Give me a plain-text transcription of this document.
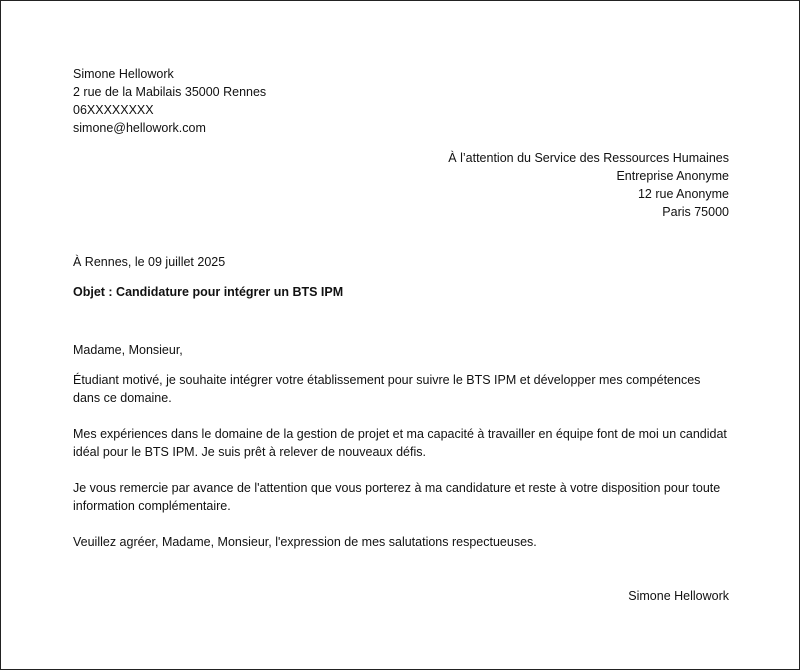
Simone Hellowork
2 rue de la Mabilais 35000 Rennes
06XXXXXXXX
simone@hellowork.com
À l’attention du Service des Ressources Humaines
Entreprise Anonyme
12 rue Anonyme
Paris 75000
À Rennes, le 09 juillet 2025
Objet : Candidature pour intégrer un BTS IPM
Madame, Monsieur,

Étudiant motivé, je souhaite intégrer votre établissement pour suivre le BTS IPM et développer mes compétences dans ce domaine.

Mes expériences dans le domaine de la gestion de projet et ma capacité à travailler en équipe font de moi un candidat idéal pour le BTS IPM. Je suis prêt à relever de nouveaux défis.

Je vous remercie par avance de l'attention que vous porterez à ma candidature et reste à votre disposition pour toute information complémentaire.

Veuillez agréer, Madame, Monsieur, l'expression de mes salutations respectueuses.

Simone Hellowork
